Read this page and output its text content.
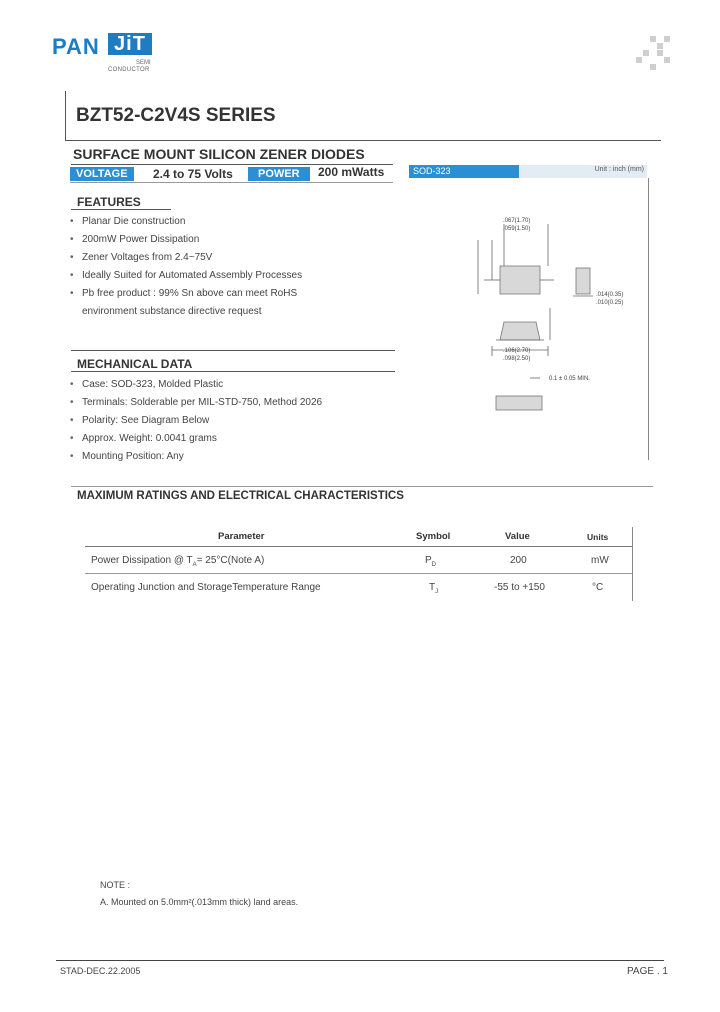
PAN JiT
SEMI
CONDUCTOR
BZT52-C2V4S SERIES
SURFACE MOUNT SILICON ZENER DIODES
VOLTAGE	2.4 to 75 Volts	POWER	200 mWatts	SOD-323	Unit : inch (mm)
FEATURES
• Planar Die construction
• 200mW Power Dissipation
• Zener Voltages from 2.4~75V
• Ideally Suited for Automated Assembly Processes
• Pb free product : 99% Sn above can meet RoHS
environment substance directive request
MECHANICAL DATA
• Case: SOD-323, Molded Plastic
• Terminals: Solderable per MIL-STD-750, Method 2026
• Polarity: See Diagram Below
• Approx. Weight: 0.0041 grams
• Mounting Position: Any
.067(1.70)
.059(1.50)
.014(0.35)
.010(0.25)
.106(2.70)
.098(2.50)
0.1 ± 0.05 MIN.
MAXIMUM RATINGS AND ELECTRICAL CHARACTERISTICS
Parameter	Symbol	Value	Units
Power Dissipation @ $T_A=$ 25°C(Note A)	$P_D$	200	mW
Operating Junction and StorageTemperature Range	$T_J$	-55 to +150	°C
NOTE :
A. Mounted on 5.0mm²(.013mm thick) land areas.
STAD-DEC.22.2005	PAGE . 1
